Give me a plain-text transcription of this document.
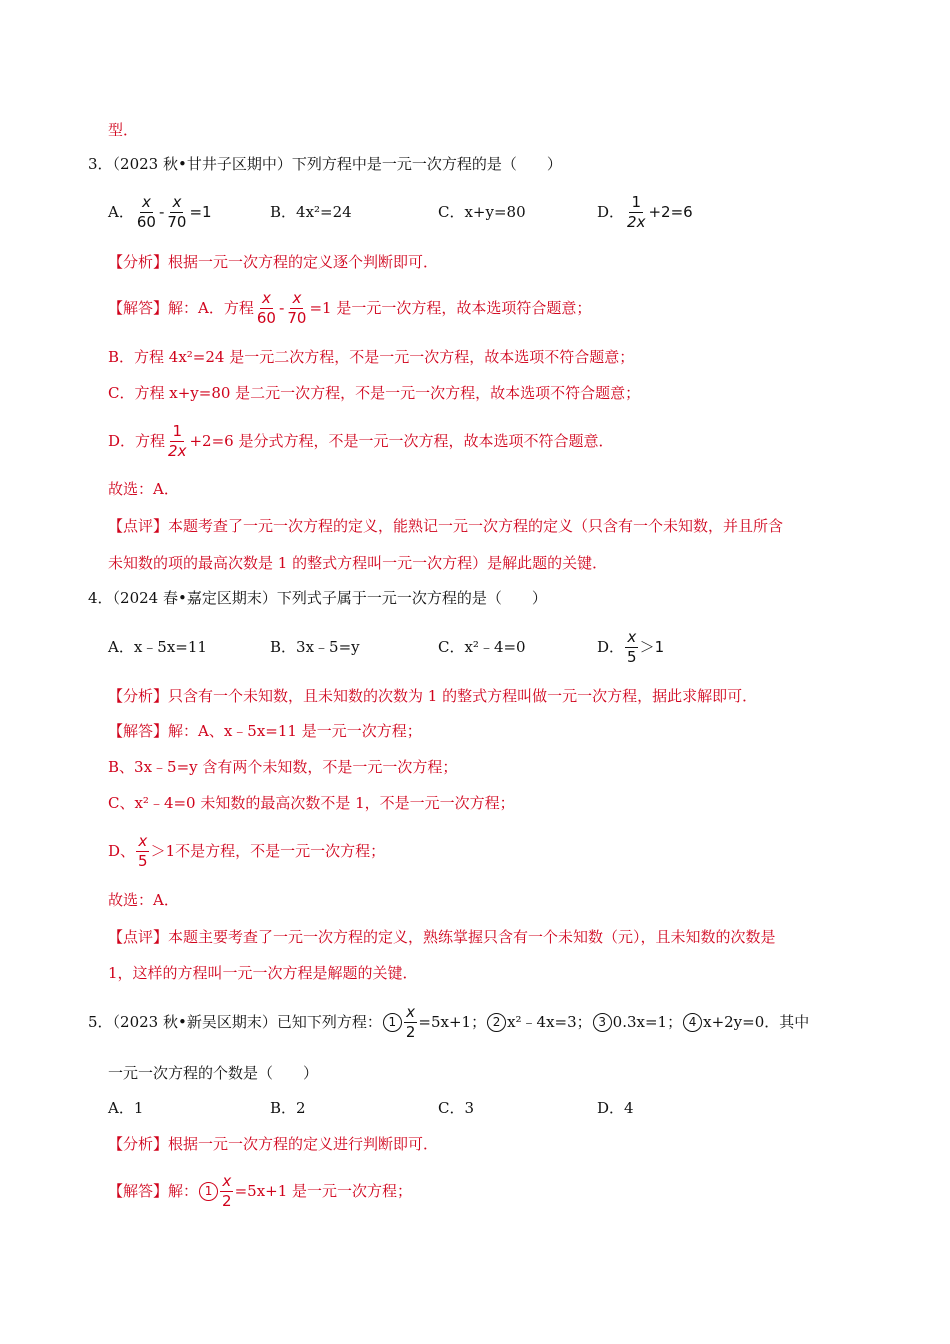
型．
3．（2023 秋•甘井子区期中）下列方程中是一元一次方程的是（　　）
A． $\frac{x}{60} - \frac{x}{70} =1$	B．4x²=24	C．x+y=80	D． $\frac{1}{2x} +2=6$
【分析】根据一元一次方程的定义逐个判断即可．
【解答】 解：A．方程 $\frac{x}{60} - \frac{x}{70} =1$ 是一元一次方程，故本选项符合题意；
B．方程 4x²=24 是一元二次方程，不是一元一次方程，故本选项不符合题意；
C．方程 x+y=80 是二元一次方程，不是一元一次方程，故本选项不符合题意；
D．方程 $\frac{1}{2x} +2=6$ 是分式方程，不是一元一次方程，故本选项不符合题意．
故选：A．
【点评】本题考查了一元一次方程的定义，能熟记一元一次方程的定义（只含有一个未知数，并且所含
未知数的项的最高次数是 1 的整式方程叫一元一次方程）是解此题的关键．
4．（2024 春•嘉定区期末）下列式子属于一元一次方程的是（　　）
A．x﹣5x=11	B．3x﹣5=y	C．x²﹣4=0	D． $\frac{x}{5} >1$
【分析】只含有一个未知数，且未知数的次数为 1 的整式方程叫做一元一次方程，据此求解即可．
【解答】解：A、x﹣5x=11 是一元一次方程；
B、3x﹣5=y 含有两个未知数，不是一元一次方程；
C、x²﹣4=0 未知数的最高次数不是 1，不是一元一次方程；
D、 $\frac{x}{5} >1$不是方程，不是一元一次方程；
故选：A．
【点评】本题主要考查了一元一次方程的定义，熟练掌握只含有一个未知数（元），且未知数的次数是
1，这样的方程叫一元一次方程是解题的关键．
5．（2023 秋•新吴区期末）已知下列方程： $1 \frac{x}{2} =5x+1$； 2 x²﹣4x=3； 3 0.3x=1； 4 x+2y=0．其中
一元一次方程的个数是（　　）
A．1	B．2	C．3	D．4
【分析】根据一元一次方程的定义进行判断即可．
【解答】 解： $1 \frac{x}{2} =5x+1$ 是一元一次方程；
